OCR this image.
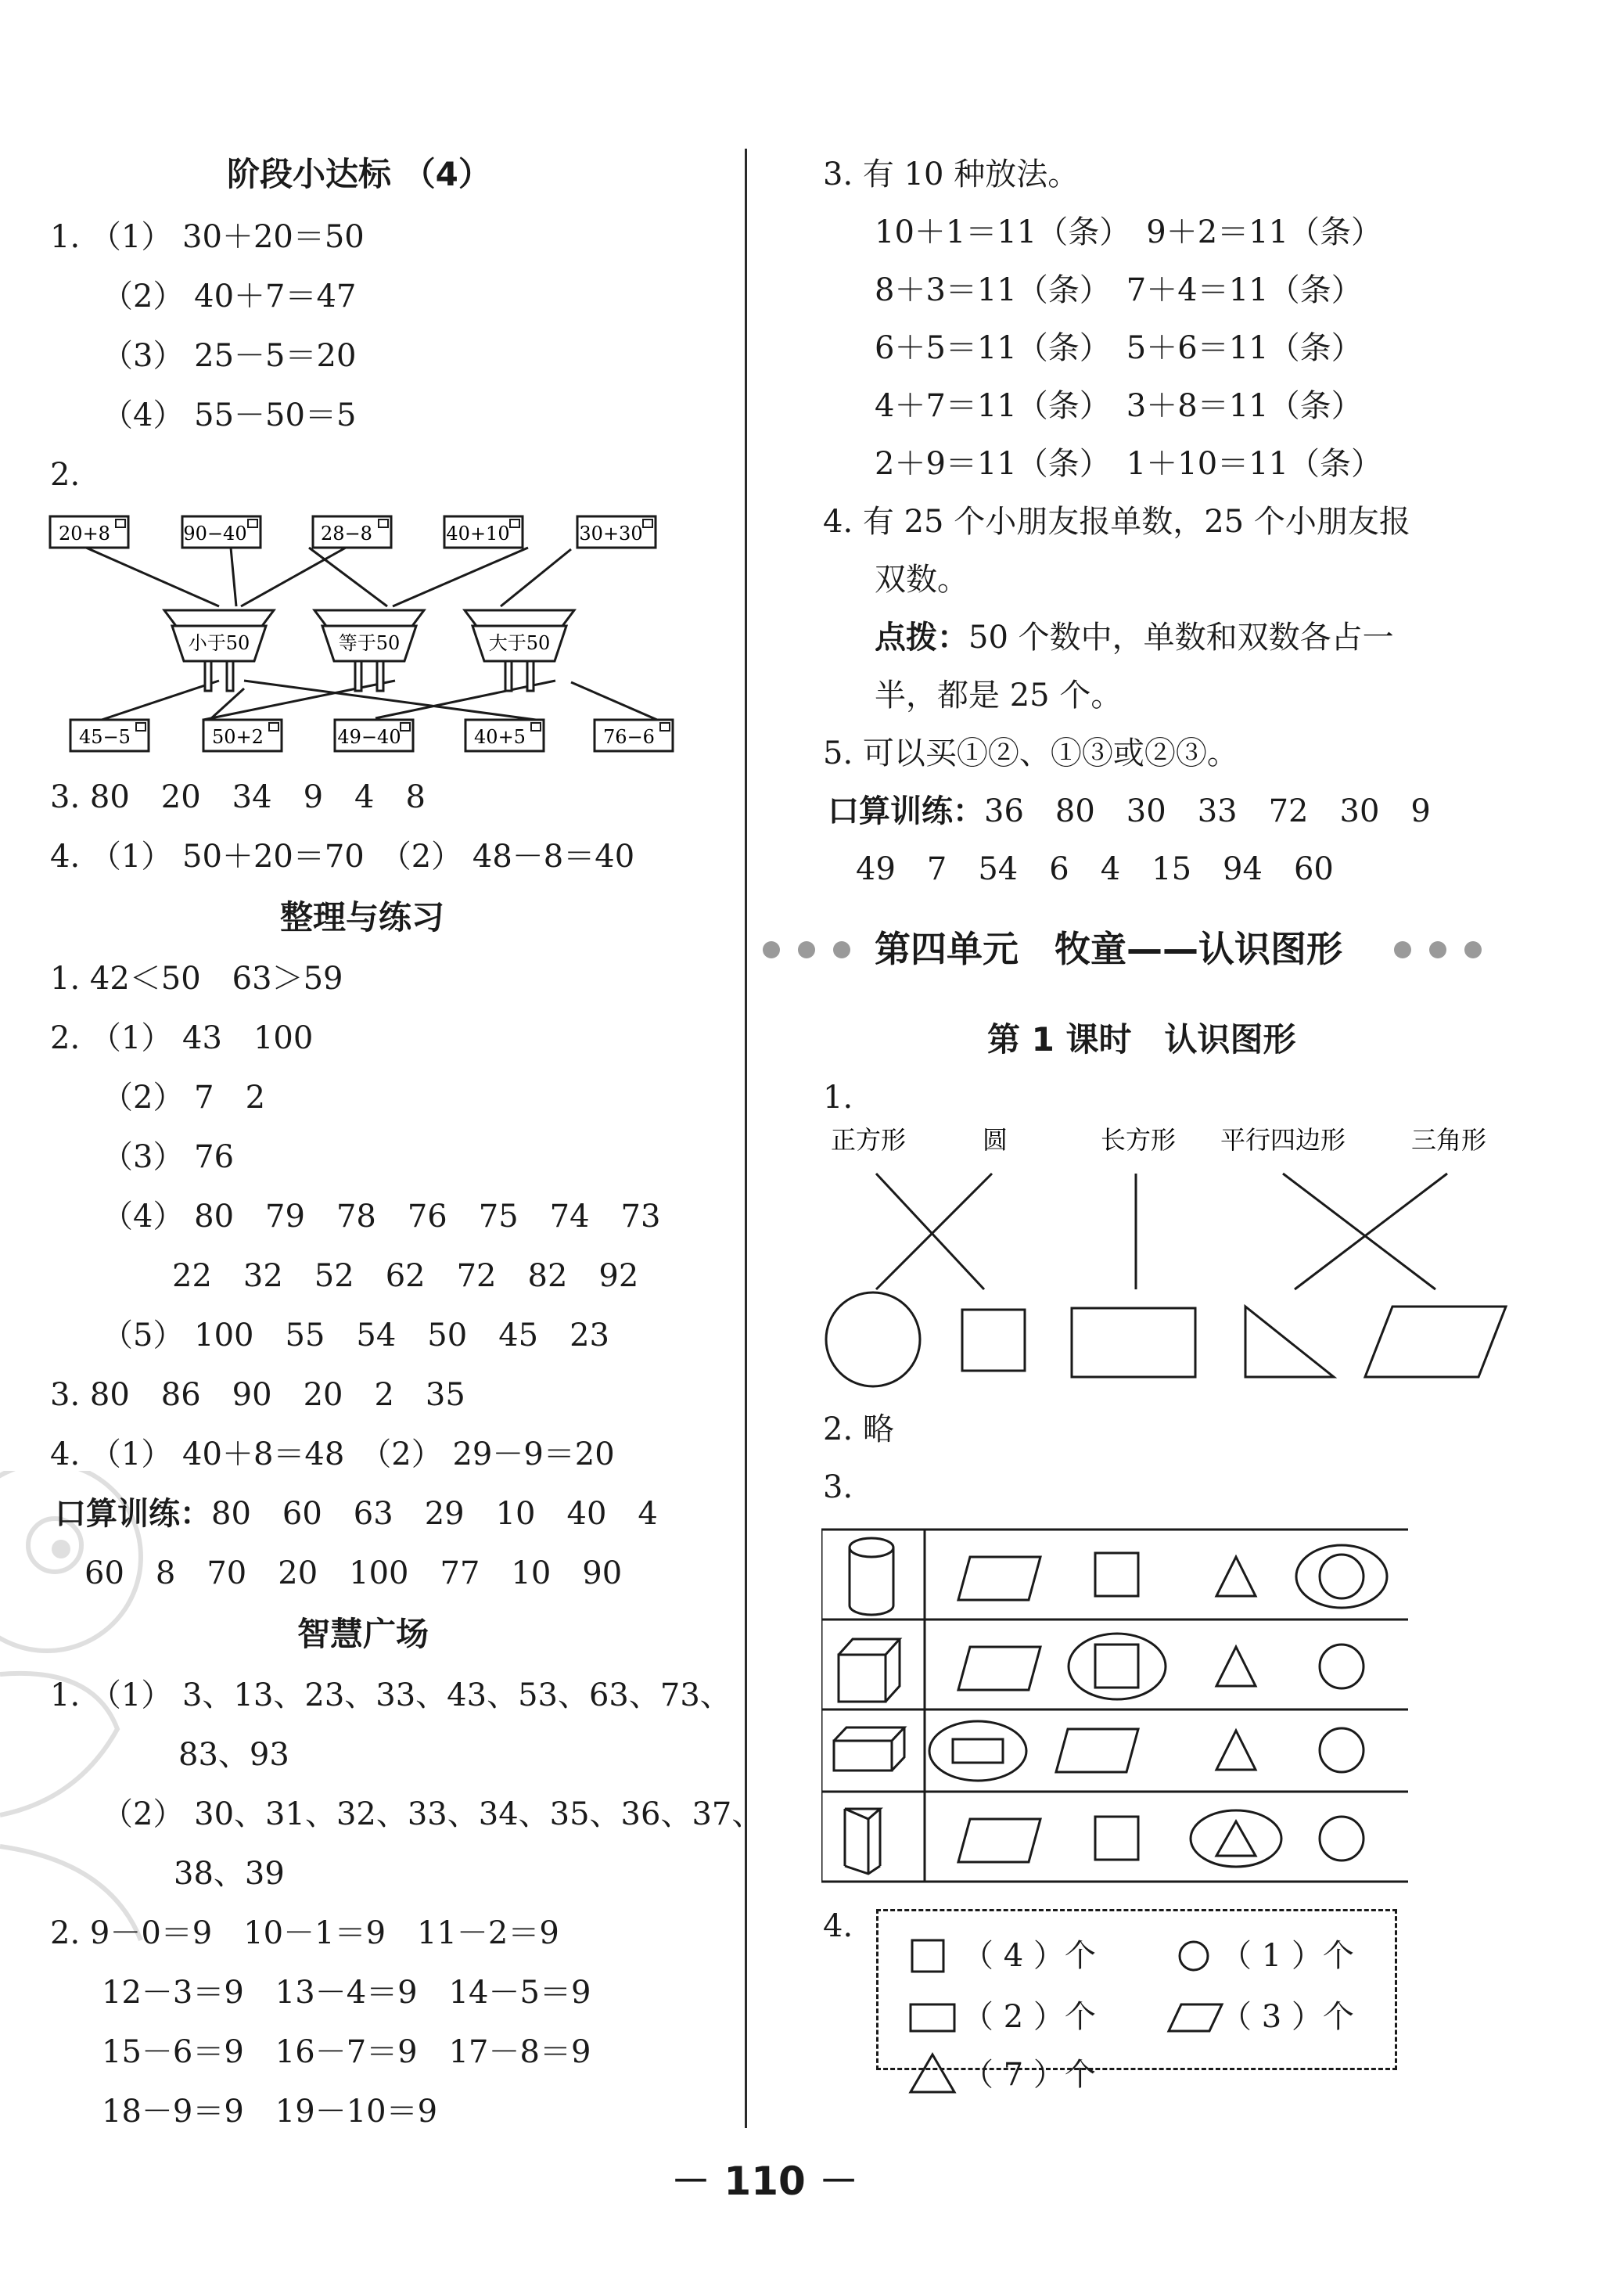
阶段小达标 （4）
1. （1） 30＋20＝50
（2） 40＋7＝47
（3） 25－5＝20
（4） 55－50＝5
2.
20+8	90−40	28−8	40+10	30+30
小于50	等于50	大于50
45−5	50+2	49−40	40+5	76−6
3. 80　20　34　9　4　8
4. （1） 50＋20＝70　（2） 48－8＝40
整理与练习
1. 42＜50　63＞59
2. （1） 43　100
（2） 7　2
（3） 76
（4） 80　79　78　76　75　74　73
22　32　52　62　72　82　92
（5） 100　55　54　50　45　23
3. 80　86　90　20　2　35
4. （1） 40＋8＝48　（2） 29－9＝20
口算训练：80　60　63　29　10　40　4
60　8　70　20　100　77　10　90
智慧广场
1. （1） 3、13、23、33、43、53、63、73、
83、93
（2） 30、31、32、33、34、35、36、37、
38、39
2. 9－0＝9　10－1＝9　11－2＝9
12－3＝9　13－4＝9　14－5＝9
15－6＝9　16－7＝9　17－8＝9
18－9＝9　19－10＝9
3. 有 10 种放法。
10＋1＝11（条）　9＋2＝11（条）
8＋3＝11（条）　7＋4＝11（条）
6＋5＝11（条）　5＋6＝11（条）
4＋7＝11（条）　3＋8＝11（条）
2＋9＝11（条）　1＋10＝11（条）
4. 有 25 个小朋友报单数，25 个小朋友报
双数。
点拨：50 个数中，单数和双数各占一
半，都是 25 个。
5. 可以买①②、①③或②③。
口算训练：36　80　30　33　72　30　9
49　7　54　6　4　15　94　60
第四单元　牧童——认识图形
第 1 课时　认识图形
1.
正方形	圆	长方形 平行四边形	三角形
2. 略
3.
4.
（ 4 ）个	（ 1 ）个
（ 2 ）个	（ 3 ）个
（ 7 ）个
－ 110 －
